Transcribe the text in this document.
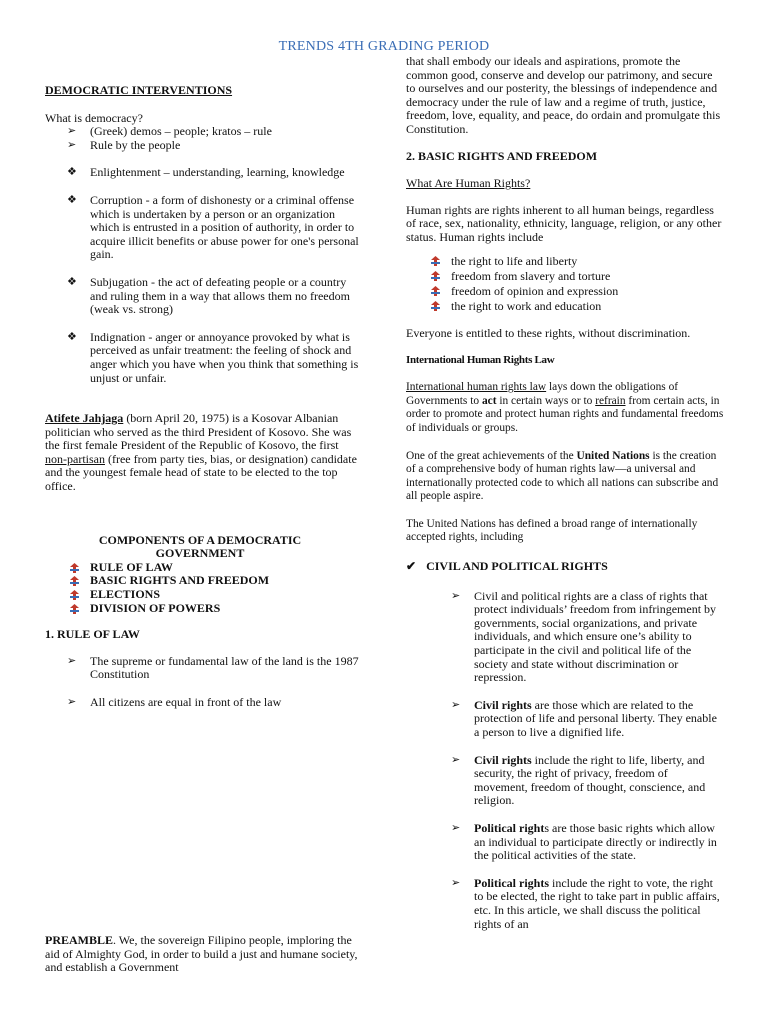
TRENDS 4TH GRADING PERIOD

DEMOCRATIC INTERVENTIONS

What is democracy?

➢ (Greek) demos – people; kratos – rule
➢ Rule by the people
❖ Enlightenment – understanding, learning, knowledge
❖ Corruption - a form of dishonesty or a criminal offense which is undertaken by a person or an organization which is entrusted in a position of authority, in order to acquire illicit benefits or abuse power for one's personal gain.
❖ Subjugation - the act of defeating people or a country and ruling them in a way that allows them no freedom (weak vs. strong)
❖ Indignation - anger or annoyance provoked by what is perceived as unfair treatment: the feeling of shock and anger which you have when you think that something is unjust or unfair.

Atifete Jahjaga (born April 20, 1975) is a Kosovar Albanian politician who served as the third President of Kosovo. She was the first female President of the Republic of Kosovo, the first non-partisan (free from party ties, bias, or designation) candidate and the youngest female head of state to be elected to the top office.

COMPONENTS OF A DEMOCRATIC GOVERNMENT

RULE OF LAW
BASIC RIGHTS AND FREEDOM
ELECTIONS
DIVISION OF POWERS

1. RULE OF LAW

➢ The supreme or fundamental law of the land is the 1987 Constitution
➢ All citizens are equal in front of the law

PREAMBLE. We, the sovereign Filipino people, imploring the aid of Almighty God, in order to build a just and humane society, and establish a Government

that shall embody our ideals and aspirations, promote the common good, conserve and develop our patrimony, and secure to ourselves and our posterity, the blessings of independence and democracy under the rule of law and a regime of truth, justice, freedom, love, equality, and peace, do ordain and promulgate this Constitution.

2. BASIC RIGHTS AND FREEDOM

What Are Human Rights?

Human rights are rights inherent to all human beings, regardless of race, sex, nationality, ethnicity, language, religion, or any other status. Human rights include

the right to life and liberty
freedom from slavery and torture
freedom of opinion and expression
the right to work and education

Everyone is entitled to these rights, without discrimination.

International Human Rights Law

International human rights law lays down the obligations of Governments to act in certain ways or to refrain from certain acts, in order to promote and protect human rights and fundamental freedoms of individuals or groups.

One of the great achievements of the United Nations is the creation of a comprehensive body of human rights law—a universal and internationally protected code to which all nations can subscribe and all people aspire.

The United Nations has defined a broad range of internationally accepted rights, including

✔ CIVIL AND POLITICAL RIGHTS

➢ Civil and political rights are a class of rights that protect individuals’ freedom from infringement by governments, social organizations, and private individuals, and which ensure one’s ability to participate in the civil and political life of the society and state without discrimination or repression.
➢ Civil rights are those which are related to the protection of life and personal liberty. They enable a person to live a dignified life.
➢ Civil rights include the right to life, liberty, and security, the right of privacy, freedom of movement, freedom of thought, conscience, and religion.
➢ Political rights are those basic rights which allow an individual to participate directly or indirectly in the political activities of the state.
➢ Political rights include the right to vote, the right to be elected, the right to take part in public affairs, etc. In this article, we shall discuss the political rights of an
